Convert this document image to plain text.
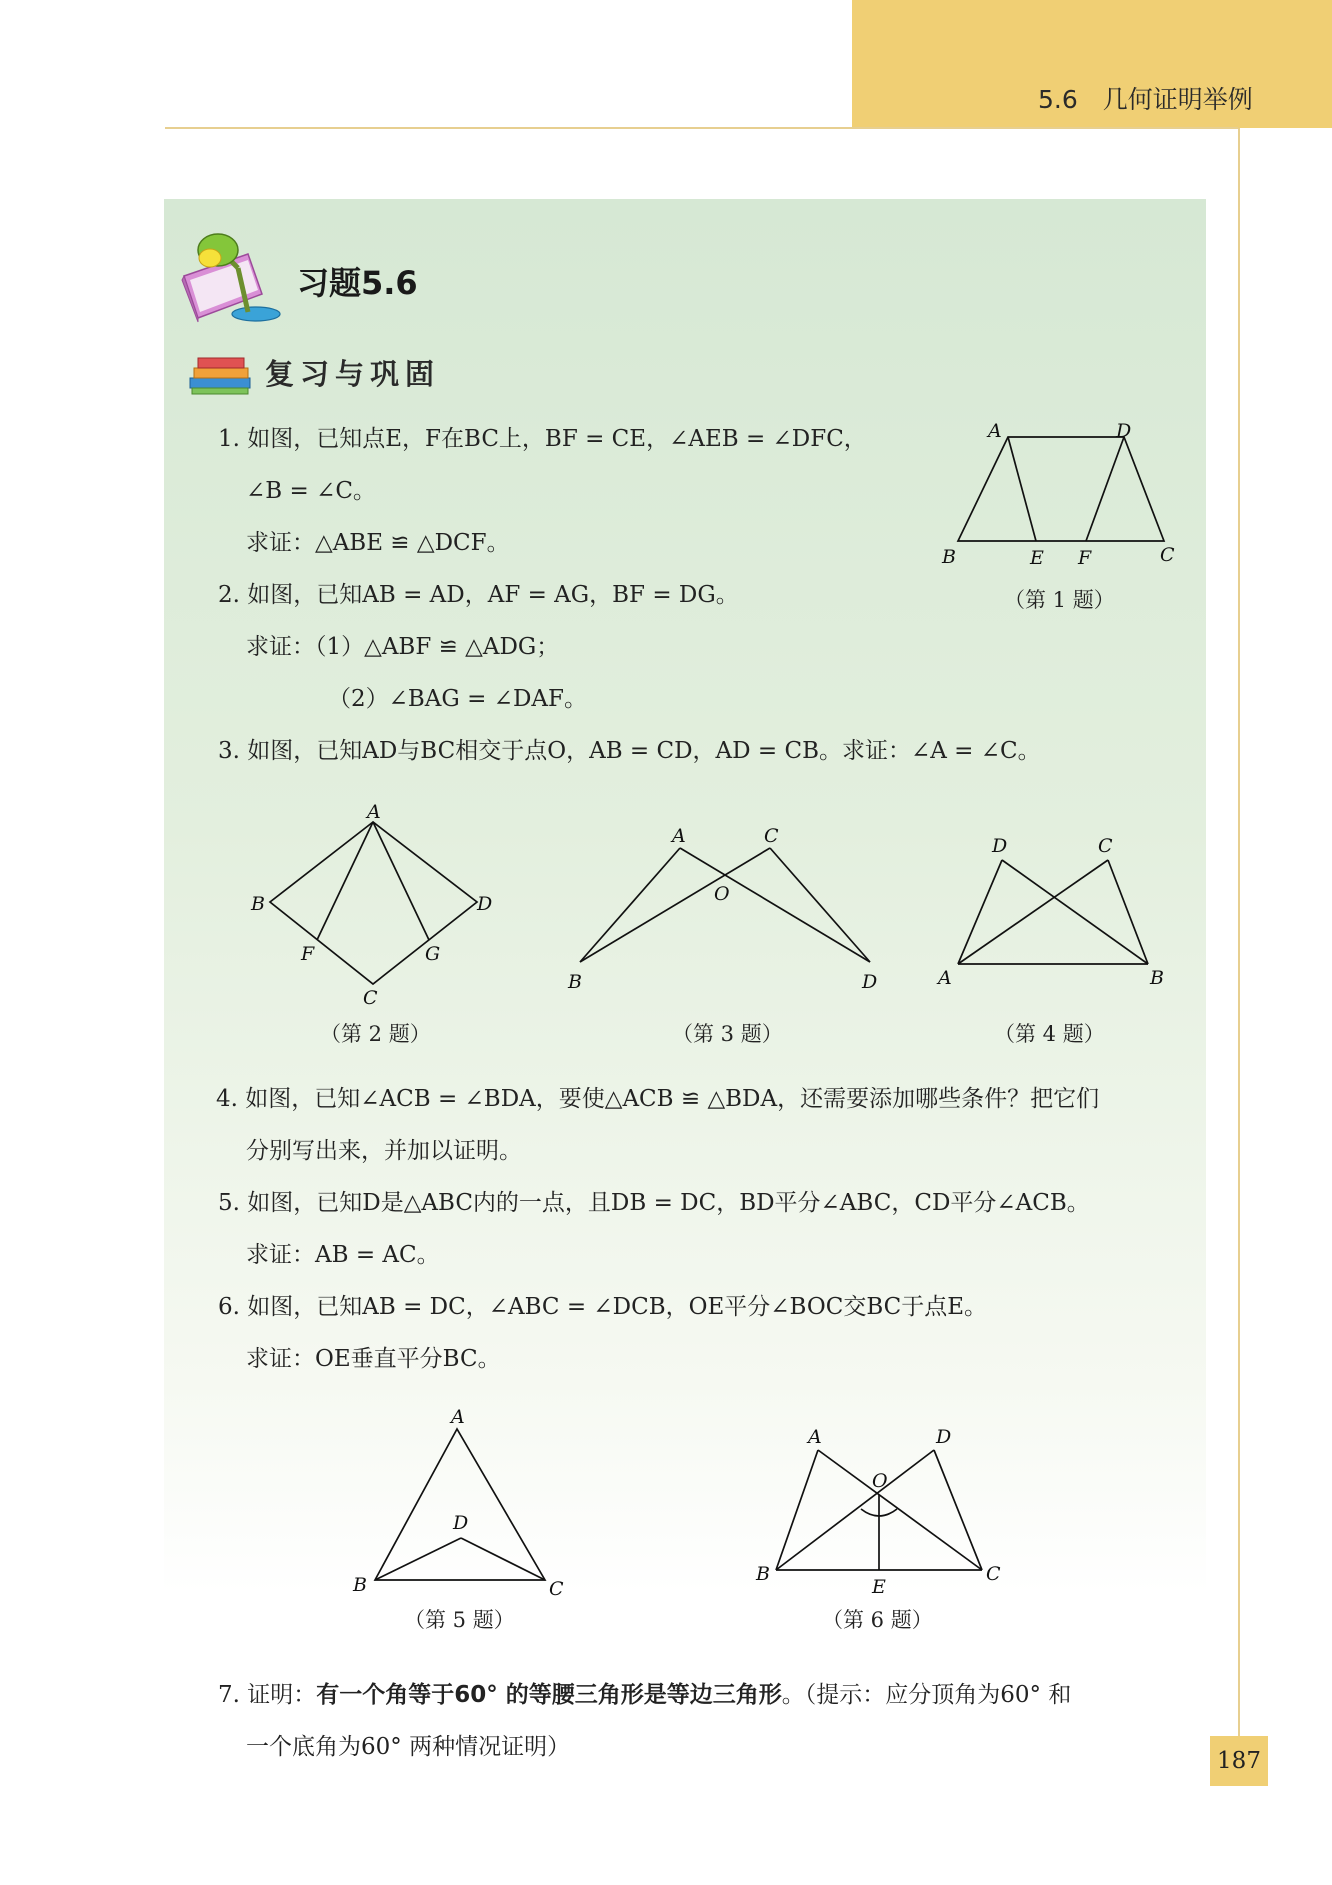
5.6　几何证明举例
习题5.6
复习与巩固
1. 如图，已知点E，F在BC上，BF = CE，∠AEB = ∠DFC，
∠B = ∠C。
求证：△ABE ≌ △DCF。
2. 如图，已知AB = AD，AF = AG，BF = DG。
求证：（1）△ABF ≌ △ADG；
（2）∠BAG = ∠DAF。
3. 如图，已知AD与BC相交于点O，AB = CD，AD = CB。求证：∠A = ∠C。
A	D
B	E F	C
（第 1 题）
A
B	D
F	G
C
（第 2 题）
A	C
O
B	D
（第 3 题）
D	C
A	B
（第 4 题）
4. 如图，已知∠ACB = ∠BDA，要使△ACB ≌ △BDA，还需要添加哪些条件？把它们
分别写出来，并加以证明。
5. 如图，已知D是△ABC内的一点，且DB = DC，BD平分∠ABC，CD平分∠ACB。
求证：AB = AC。
6. 如图，已知AB = DC，∠ABC = ∠DCB，OE平分∠BOC交BC于点E。
求证：OE垂直平分BC。
A
D
B	C
（第 5 题）
A	D
O
B
E
C
（第 6 题）
7. 证明：有一个角等于60° 的等腰三角形是等边三角形。（提示：应分顶角为60° 和
一个底角为60° 两种情况证明）
187
